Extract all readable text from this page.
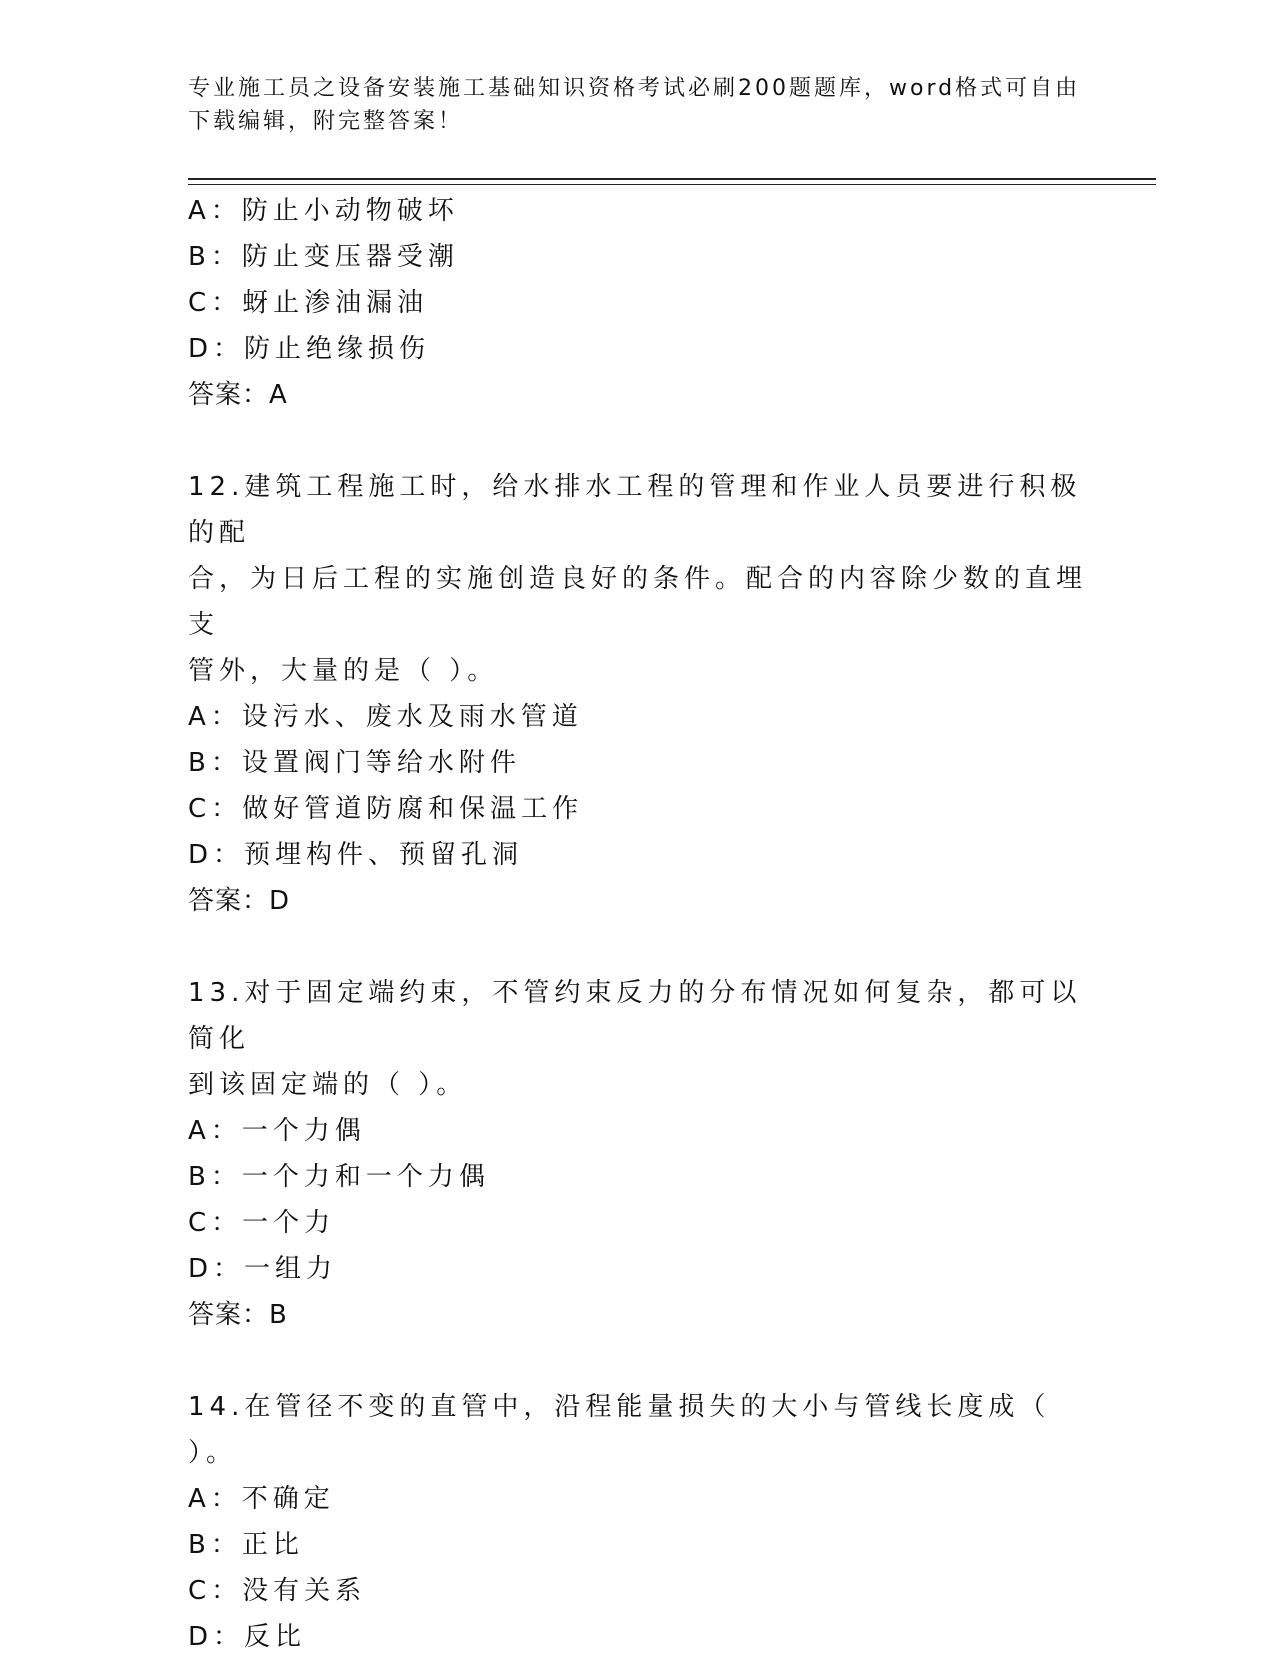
专业施工员之设备安装施工基础知识资格考试必刷200题题库，word格式可自由
下载编辑，附完整答案！
A：防止小动物破坏
B：防止变压器受潮
C：蚜止渗油漏油
D：防止绝缘损伤
答案：A
12.建筑工程施工时，给水排水工程的管理和作业人员要进行积极的配
合，为日后工程的实施创造良好的条件。配合的内容除少数的直埋支
管外，大量的是（ ）。
A：设污水、废水及雨水管道
B：设置阀门等给水附件
C：做好管道防腐和保温工作
D：预埋构件、预留孔洞
答案：D
13.对于固定端约束，不管约束反力的分布情况如何复杂，都可以简化
到该固定端的（ ）。
A：一个力偶
B：一个力和一个力偶
C：一个力
D：一组力
答案：B
14.在管径不变的直管中，沿程能量损失的大小与管线长度成（ ）。
A：不确定
B：正比
C：没有关系
D：反比
